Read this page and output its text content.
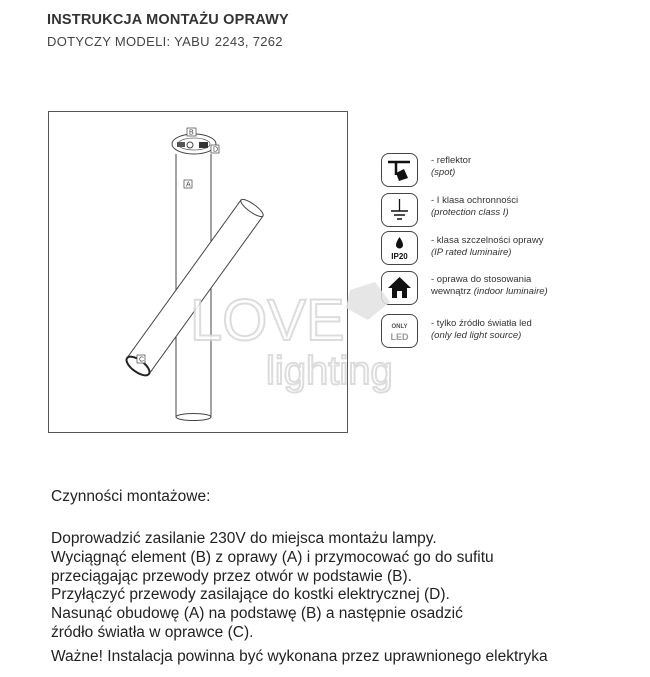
INSTRUKCJA MONTAŻU OPRAWY
DOTYCZY MODELI: YABU 2243, 7262
B
D
A
C
- reflektor
(spot)
- I klasa ochronności
(protection class I)
IP20
- klasa szczelności oprawy
(IP rated luminaire)
- oprawa do stosowania
wewnątrz (indoor luminaire)
ONLY
LED
- tylko źródło światła led
(only led light source)
LOVE
lighting
Czynności montażowe:
Doprowadzić zasilanie 230V do miejsca montażu lampy.
Wyciągnąć element (B) z oprawy (A) i przymocować go do sufitu
przeciągając przewody przez otwór w podstawie (B).
Przyłączyć przewody zasilające do kostki elektrycznej (D).
Nasunąć obudowę (A) na podstawę (B) a następnie osadzić
źródło światła w oprawce (C).
Ważne! Instalacja powinna być wykonana przez uprawnionego elektryka
